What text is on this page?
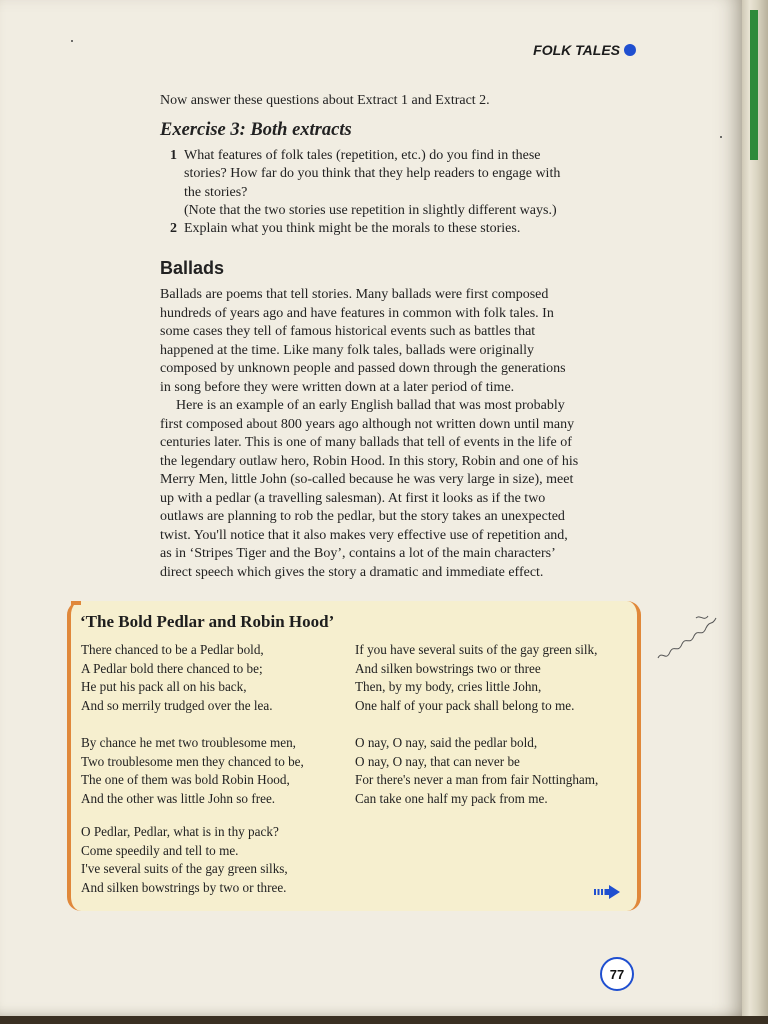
FOLK TALES
Now answer these questions about Extract 1 and Extract 2.
Exercise 3: Both extracts
1 What features of folk tales (repetition, etc.) do you find in these
stories? How far do you think that they help readers to engage with
the stories?
(Note that the two stories use repetition in slightly different ways.)
2 Explain what you think might be the morals to these stories.
Ballads
Ballads are poems that tell stories. Many ballads were first composed
hundreds of years ago and have features in common with folk tales. In
some cases they tell of famous historical events such as battles that
happened at the time. Like many folk tales, ballads were originally
composed by unknown people and passed down through the generations
in song before they were written down at a later period of time.
Here is an example of an early English ballad that was most probably
first composed about 800 years ago although not written down until many
centuries later. This is one of many ballads that tell of events in the life of
the legendary outlaw hero, Robin Hood. In this story, Robin and one of his
Merry Men, little John (so-called because he was very large in size), meet
up with a pedlar (a travelling salesman). At first it looks as if the two
outlaws are planning to rob the pedlar, but the story takes an unexpected
twist. You'll notice that it also makes very effective use of repetition and,
as in ‘Stripes Tiger and the Boy’, contains a lot of the main characters’
direct speech which gives the story a dramatic and immediate effect.
‘The Bold Pedlar and Robin Hood’
There chanced to be a Pedlar bold,
A Pedlar bold there chanced to be;
He put his pack all on his back,
And so merrily trudged over the lea.
By chance he met two troublesome men,
Two troublesome men they chanced to be,
The one of them was bold Robin Hood,
And the other was little John so free.
O Pedlar, Pedlar, what is in thy pack?
Come speedily and tell to me.
I've several suits of the gay green silks,
And silken bowstrings by two or three.
If you have several suits of the gay green silk,
And silken bowstrings two or three
Then, by my body, cries little John,
One half of your pack shall belong to me.
O nay, O nay, said the pedlar bold,
O nay, O nay, that can never be
For there's never a man from fair Nottingham,
Can take one half my pack from me.
77
